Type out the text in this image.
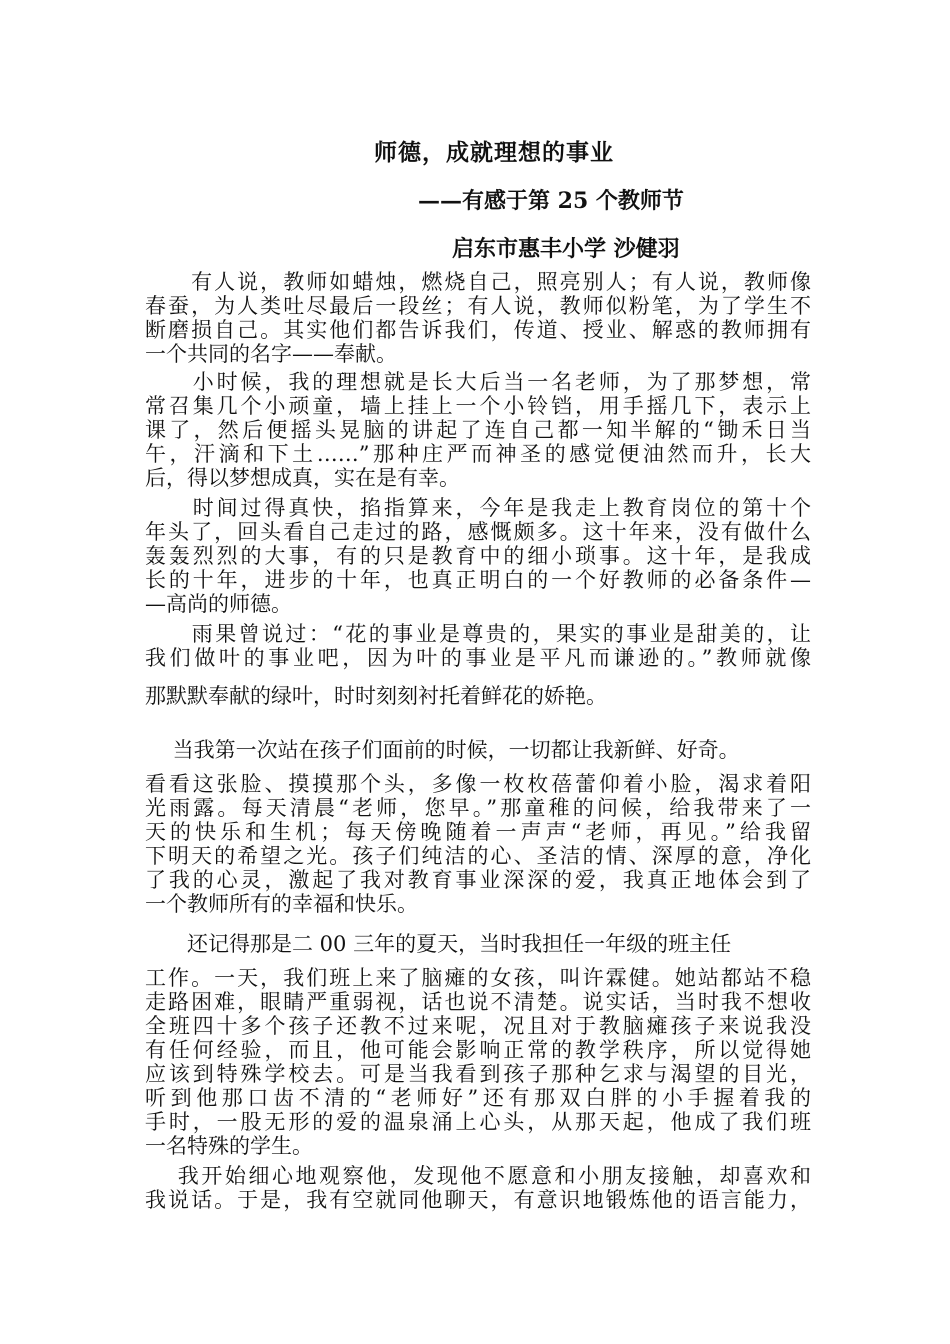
师德，成就理想的事业
——有感于第 25 个教师节
启东市惠丰小学 沙健羽
　　有人说，教师如蜡烛，燃烧自己，照亮别人；有人说，教师像
春蚕，为人类吐尽最后一段丝；有人说，教师似粉笔，为了学生不
断磨损自己。其实他们都告诉我们，传道、授业、解惑的教师拥有
一个共同的名字——奉献。
　　小时候，我的理想就是长大后当一名老师，为了那梦想，常
常召集几个小顽童，墙上挂上一个小铃铛，用手摇几下，表示上
课了，然后便摇头晃脑的讲起了连自己都一知半解的“锄禾日当
午，汗滴和下土……”那种庄严而神圣的感觉便油然而升，长大
后，得以梦想成真，实在是有幸。
　　时间过得真快，掐指算来，今年是我走上教育岗位的第十个
年头了，回头看自己走过的路，感慨颇多。这十年来，没有做什么
轰轰烈烈的大事，有的只是教育中的细小琐事。这十年，是我成
长的十年，进步的十年，也真正明白的一个好教师的必备条件—
—高尚的师德。
　　雨果曾说过：“花的事业是尊贵的，果实的事业是甜美的，让
我们做叶的事业吧，因为叶的事业是平凡而谦逊的。”教师就像
那默默奉献的绿叶，时时刻刻衬托着鲜花的娇艳。
　 当我第一次站在孩子们面前的时候，一切都让我新鲜、好奇。
看看这张脸、摸摸那个头，多像一枚枚蓓蕾仰着小脸，渴求着阳
光雨露。每天清晨“老师，您早。”那童稚的问候，给我带来了一
天的快乐和生机；每天傍晚随着一声声“老师，再见。”给我留
下明天的希望之光。孩子们纯洁的心、圣洁的情、深厚的意，净化
了我的心灵，激起了我对教育事业深深的爱，我真正地体会到了
一个教师所有的幸福和快乐。
　　还记得那是二 00 三年的夏天，当时我担任一年级的班主任
工作。一天，我们班上来了脑瘫的女孩，叫许霖健。她站都站不稳
走路困难，眼睛严重弱视，话也说不清楚。说实话，当时我不想收
全班四十多个孩子还教不过来呢，况且对于教脑瘫孩子来说我没
有任何经验，而且，他可能会影响正常的教学秩序，所以觉得她
应该到特殊学校去。可是当我看到孩子那种乞求与渴望的目光，
听到他那口齿不清的“老师好”还有那双白胖的小手握着我的
手时，一股无形的爱的温泉涌上心头，从那天起，他成了我们班
一名特殊的学生。
　 我开始细心地观察他，发现他不愿意和小朋友接触，却喜欢和
我说话。于是，我有空就同他聊天，有意识地锻炼他的语言能力，
